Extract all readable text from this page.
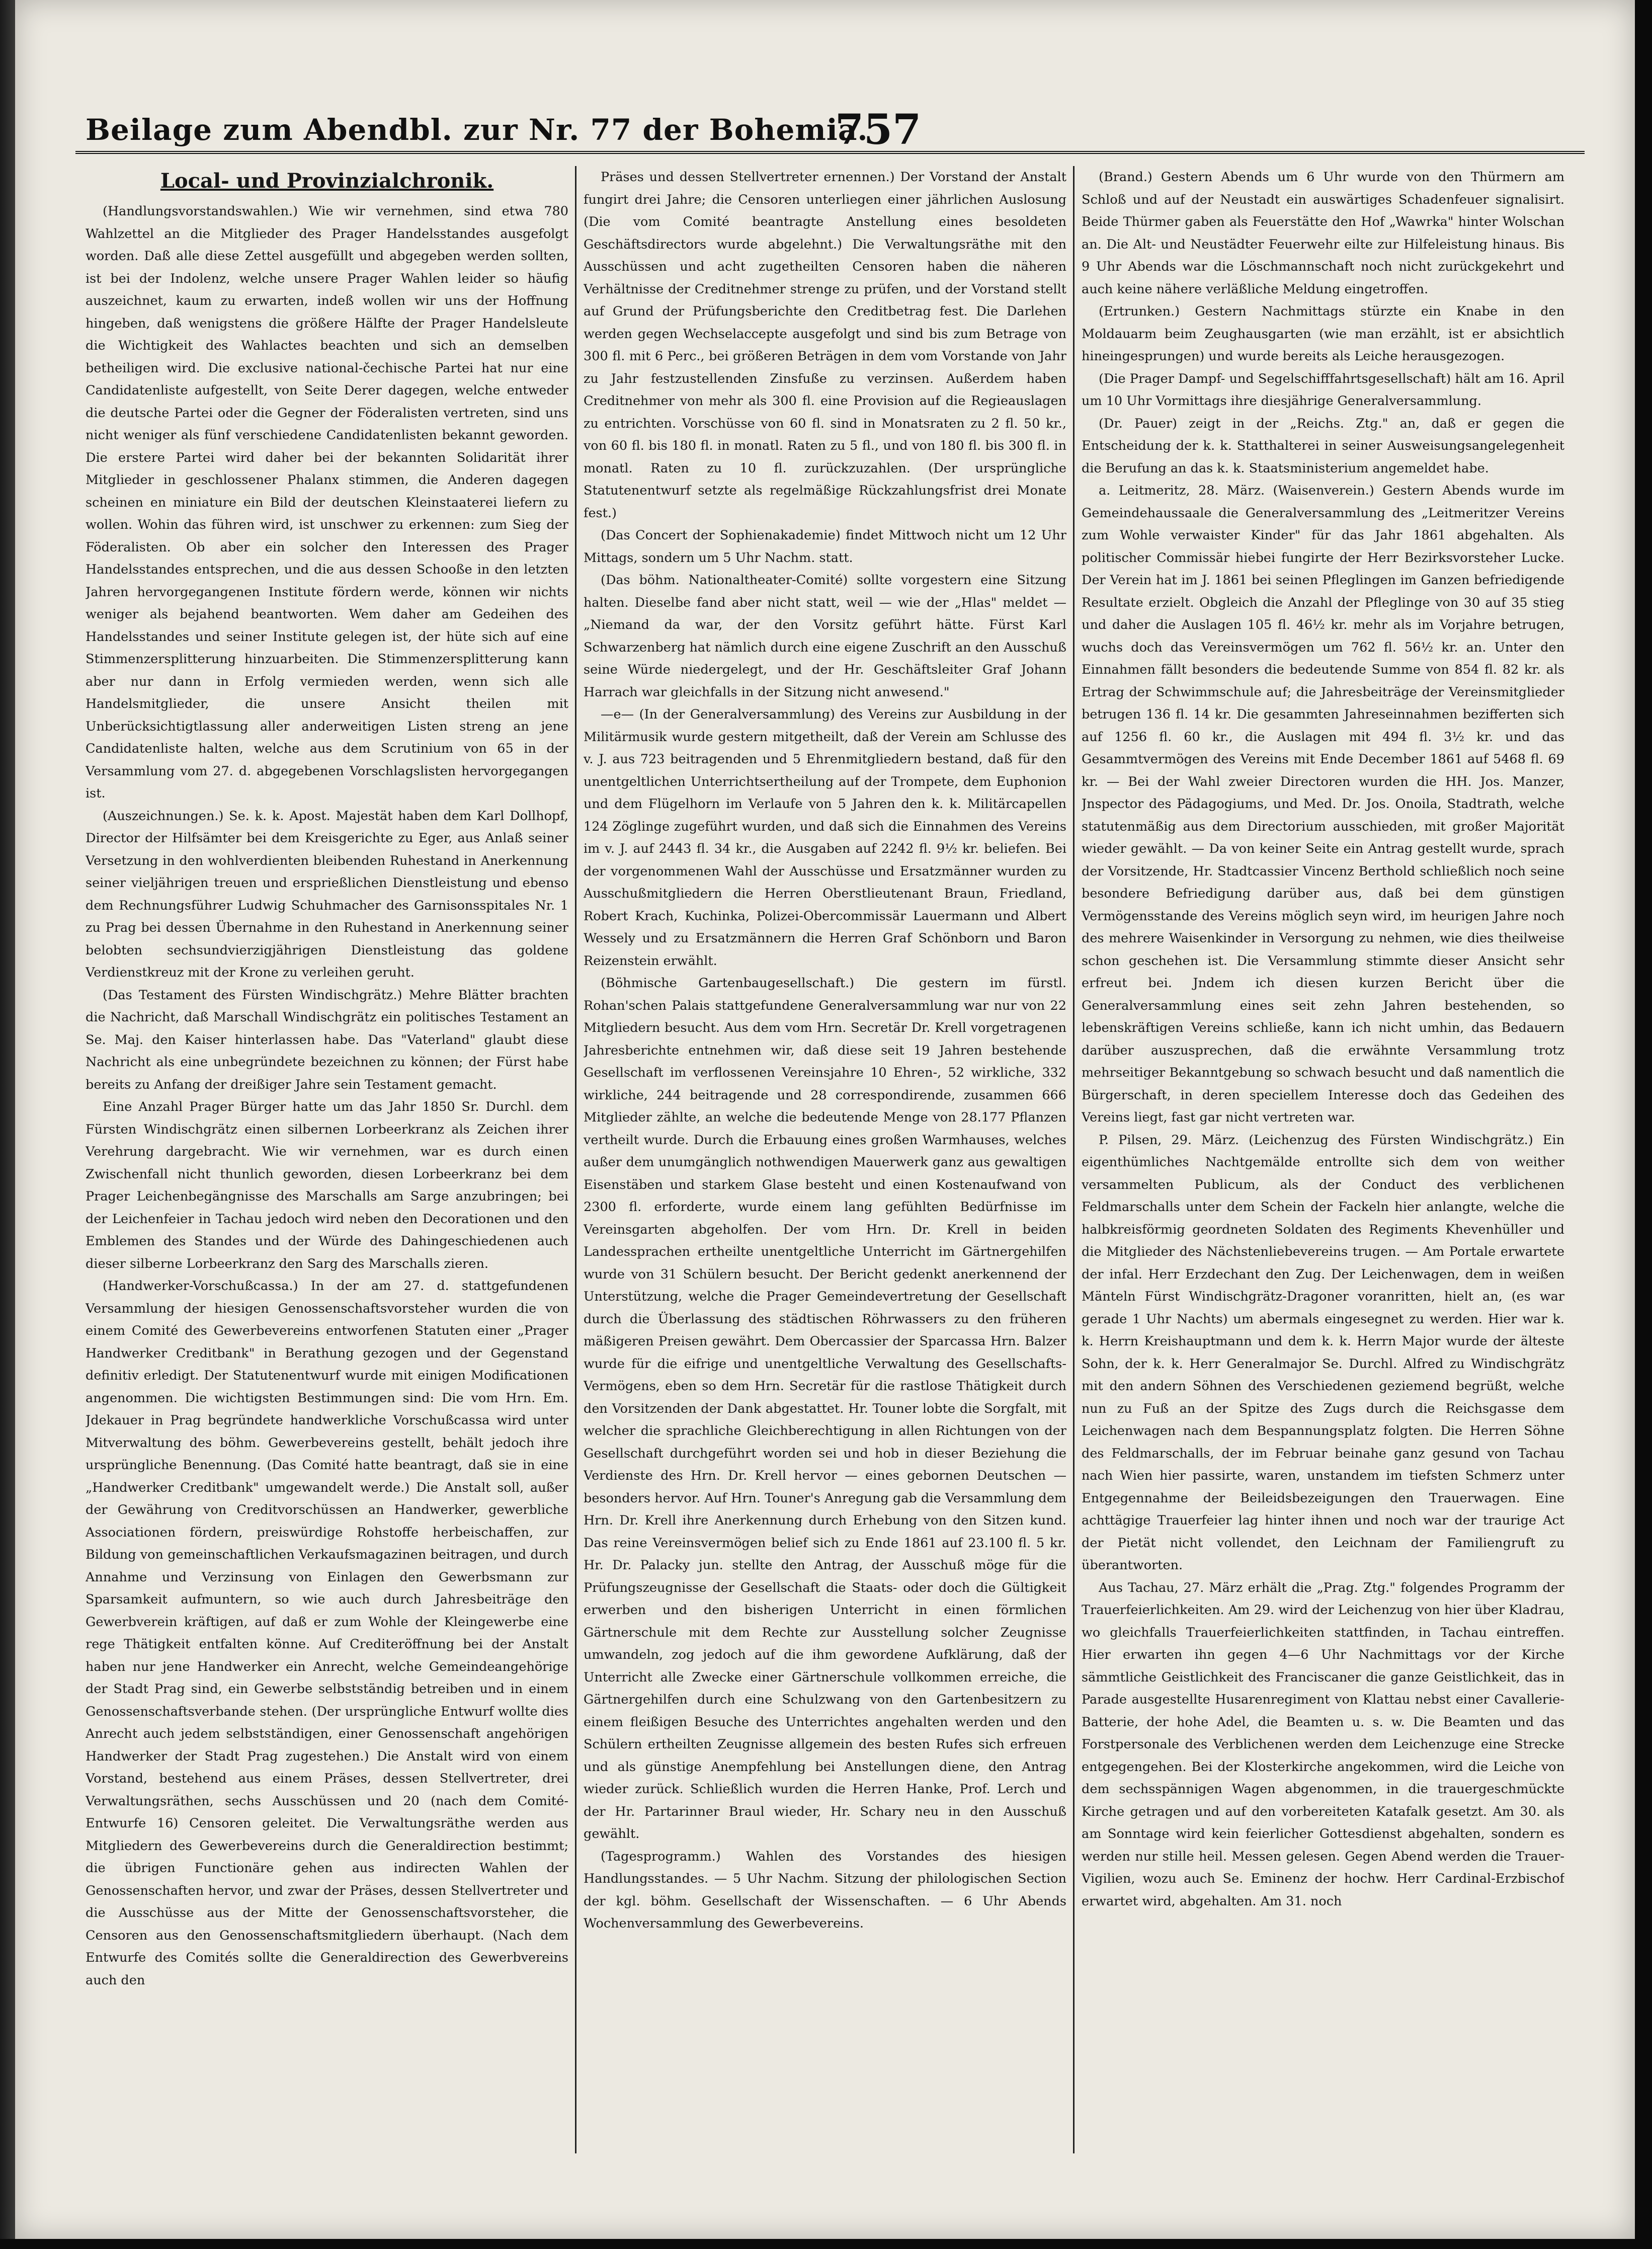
Beilage zum Abendbl. zur Nr. 77 der Bohemia.
757
Local- und Provinzialchronik.

(Handlungsvorstandswahlen.) Wie wir vernehmen, sind etwa 780 Wahlzettel an die Mitglieder des Prager Handelsstandes ausgefolgt worden. Daß alle diese Zettel ausgefüllt und abgegeben werden sollten, ist bei der Indolenz, welche unsere Prager Wahlen leider so häufig auszeichnet, kaum zu erwarten, indeß wollen wir uns der Hoffnung hingeben, daß wenigstens die größere Hälfte der Prager Handelsleute die Wichtigkeit des Wahlactes beachten und sich an demselben betheiligen wird. Die exclusive national-čechische Partei hat nur eine Candidatenliste aufgestellt, von Seite Derer dagegen, welche entweder die deutsche Partei oder die Gegner der Föderalisten vertreten, sind uns nicht weniger als fünf verschiedene Candidatenlisten bekannt geworden. Die erstere Partei wird daher bei der bekannten Solidarität ihrer Mitglieder in geschlossener Phalanx stimmen, die Anderen dagegen scheinen en miniature ein Bild der deutschen Kleinstaaterei liefern zu wollen. Wohin das führen wird, ist unschwer zu erkennen: zum Sieg der Föderalisten. Ob aber ein solcher den Interessen des Prager Handelsstandes entsprechen, und die aus dessen Schooße in den letzten Jahren hervorgegangenen Institute fördern werde, können wir nichts weniger als bejahend beantworten. Wem daher am Gedeihen des Handelsstandes und seiner Institute gelegen ist, der hüte sich auf eine Stimmenzersplitterung hinzuarbeiten. Die Stimmenzersplitterung kann aber nur dann in Erfolg vermieden werden, wenn sich alle Handelsmitglieder, die unsere Ansicht theilen mit Unberücksichtigtlassung aller anderweitigen Listen streng an jene Candidatenliste halten, welche aus dem Scrutinium von 65 in der Versammlung vom 27. d. abgegebenen Vorschlagslisten hervorgegangen ist.

(Auszeichnungen.) Se. k. k. Apost. Majestät haben dem Karl Dollhopf, Director der Hilfsämter bei dem Kreisgerichte zu Eger, aus Anlaß seiner Versetzung in den wohlverdienten bleibenden Ruhestand in Anerkennung seiner vieljährigen treuen und ersprießlichen Dienstleistung und ebenso dem Rechnungsführer Ludwig Schuhmacher des Garnisonsspitales Nr. 1 zu Prag bei dessen Übernahme in den Ruhestand in Anerkennung seiner belobten sechsundvierzigjährigen Dienstleistung das goldene Verdienstkreuz mit der Krone zu verleihen geruht.

(Das Testament des Fürsten Windischgrätz.) Mehre Blätter brachten die Nachricht, daß Marschall Windischgrätz ein politisches Testament an Se. Maj. den Kaiser hinterlassen habe. Das "Vaterland" glaubt diese Nachricht als eine unbegründete bezeichnen zu können; der Fürst habe bereits zu Anfang der dreißiger Jahre sein Testament gemacht.

Eine Anzahl Prager Bürger hatte um das Jahr 1850 Sr. Durchl. dem Fürsten Windischgrätz einen silbernen Lorbeerkranz als Zeichen ihrer Verehrung dargebracht. Wie wir vernehmen, war es durch einen Zwischenfall nicht thunlich geworden, diesen Lorbeerkranz bei dem Prager Leichenbegängnisse des Marschalls am Sarge anzubringen; bei der Leichenfeier in Tachau jedoch wird neben den Decorationen und den Emblemen des Standes und der Würde des Dahingeschiedenen auch dieser silberne Lorbeerkranz den Sarg des Marschalls zieren.

(Handwerker-Vorschußcassa.) In der am 27. d. stattgefundenen Versammlung der hiesigen Genossenschaftsvorsteher wurden die von einem Comité des Gewerbevereins entworfenen Statuten einer „Prager Handwerker Creditbank" in Berathung gezogen und der Gegenstand definitiv erledigt. Der Statutenentwurf wurde mit einigen Modificationen angenommen. Die wichtigsten Bestimmungen sind: Die vom Hrn. Em. Jdekauer in Prag begründete handwerkliche Vorschußcassa wird unter Mitverwaltung des böhm. Gewerbevereins gestellt, behält jedoch ihre ursprüngliche Benennung. (Das Comité hatte beantragt, daß sie in eine „Handwerker Creditbank" umgewandelt werde.) Die Anstalt soll, außer der Gewährung von Creditvorschüssen an Handwerker, gewerbliche Associationen fördern, preiswürdige Rohstoffe herbeischaffen, zur Bildung von gemeinschaftlichen Verkaufsmagazinen beitragen, und durch Annahme und Verzinsung von Einlagen den Gewerbsmann zur Sparsamkeit aufmuntern, so wie auch durch Jahresbeiträge den Gewerbverein kräftigen, auf daß er zum Wohle der Kleingewerbe eine rege Thätigkeit entfalten könne. Auf Crediteröffnung bei der Anstalt haben nur jene Handwerker ein Anrecht, welche Gemeindeangehörige der Stadt Prag sind, ein Gewerbe selbstständig betreiben und in einem Genossenschaftsverbande stehen. (Der ursprüngliche Entwurf wollte dies Anrecht auch jedem selbstständigen, einer Genossenschaft angehörigen Handwerker der Stadt Prag zugestehen.) Die Anstalt wird von einem Vorstand, bestehend aus einem Präses, dessen Stellvertreter, drei Verwaltungsräthen, sechs Ausschüssen und 20 (nach dem Comité-Entwurfe 16) Censoren geleitet. Die Verwaltungsräthe werden aus Mitgliedern des Gewerbevereins durch die Generaldirection bestimmt; die übrigen Functionäre gehen aus indirecten Wahlen der Genossenschaften hervor, und zwar der Präses, dessen Stellvertreter und die Ausschüsse aus der Mitte der Genossenschaftsvorsteher, die Censoren aus den Genossenschaftsmitgliedern überhaupt. (Nach dem Entwurfe des Comités sollte die Generaldirection des Gewerbvereins auch den

Präses und dessen Stellvertreter ernennen.) Der Vorstand der Anstalt fungirt drei Jahre; die Censoren unterliegen einer jährlichen Auslosung (Die vom Comité beantragte Anstellung eines besoldeten Geschäftsdirectors wurde abgelehnt.) Die Verwaltungsräthe mit den Ausschüssen und acht zugetheilten Censoren haben die näheren Verhältnisse der Creditnehmer strenge zu prüfen, und der Vorstand stellt auf Grund der Prüfungsberichte den Creditbetrag fest. Die Darlehen werden gegen Wechselaccepte ausgefolgt und sind bis zum Betrage von 300 fl. mit 6 Perc., bei größeren Beträgen in dem vom Vorstande von Jahr zu Jahr festzustellenden Zinsfuße zu verzinsen. Außerdem haben Creditnehmer von mehr als 300 fl. eine Provision auf die Regieauslagen zu entrichten. Vorschüsse von 60 fl. sind in Monatsraten zu 2 fl. 50 kr., von 60 fl. bis 180 fl. in monatl. Raten zu 5 fl., und von 180 fl. bis 300 fl. in monatl. Raten zu 10 fl. zurückzuzahlen. (Der ursprüngliche Statutenentwurf setzte als regelmäßige Rückzahlungsfrist drei Monate fest.)

(Das Concert der Sophienakademie) findet Mittwoch nicht um 12 Uhr Mittags, sondern um 5 Uhr Nachm. statt.

(Das böhm. Nationaltheater-Comité) sollte vorgestern eine Sitzung halten. Dieselbe fand aber nicht statt, weil — wie der „Hlas" meldet — „Niemand da war, der den Vorsitz geführt hätte. Fürst Karl Schwarzenberg hat nämlich durch eine eigene Zuschrift an den Ausschuß seine Würde niedergelegt, und der Hr. Geschäftsleiter Graf Johann Harrach war gleichfalls in der Sitzung nicht anwesend."

—e— (In der Generalversammlung) des Vereins zur Ausbildung in der Militärmusik wurde gestern mitgetheilt, daß der Verein am Schlusse des v. J. aus 723 beitragenden und 5 Ehrenmitgliedern bestand, daß für den unentgeltlichen Unterrichtsertheilung auf der Trompete, dem Euphonion und dem Flügelhorn im Verlaufe von 5 Jahren den k. k. Militärcapellen 124 Zöglinge zugeführt wurden, und daß sich die Einnahmen des Vereins im v. J. auf 2443 fl. 34 kr., die Ausgaben auf 2242 fl. 9½ kr. beliefen. Bei der vorgenommenen Wahl der Ausschüsse und Ersatzmänner wurden zu Ausschußmitgliedern die Herren Oberstlieutenant Braun, Friedland, Robert Krach, Kuchinka, Polizei-Obercommissär Lauermann und Albert Wessely und zu Ersatzmännern die Herren Graf Schönborn und Baron Reizenstein erwählt.

(Böhmische Gartenbaugesellschaft.) Die gestern im fürstl. Rohan'schen Palais stattgefundene Generalversammlung war nur von 22 Mitgliedern besucht. Aus dem vom Hrn. Secretär Dr. Krell vorgetragenen Jahresberichte entnehmen wir, daß diese seit 19 Jahren bestehende Gesellschaft im verflossenen Vereinsjahre 10 Ehren-, 52 wirkliche, 332 wirkliche, 244 beitragende und 28 correspondirende, zusammen 666 Mitglieder zählte, an welche die bedeutende Menge von 28.177 Pflanzen vertheilt wurde. Durch die Erbauung eines großen Warmhauses, welches außer dem unumgänglich nothwendigen Mauerwerk ganz aus gewaltigen Eisenstäben und starkem Glase besteht und einen Kostenaufwand von 2300 fl. erforderte, wurde einem lang gefühlten Bedürfnisse im Vereinsgarten abgeholfen. Der vom Hrn. Dr. Krell in beiden Landessprachen ertheilte unentgeltliche Unterricht im Gärtnergehilfen wurde von 31 Schülern besucht. Der Bericht gedenkt anerkennend der Unterstützung, welche die Prager Gemeindevertretung der Gesellschaft durch die Überlassung des städtischen Röhrwassers zu den früheren mäßigeren Preisen gewährt. Dem Obercassier der Sparcassa Hrn. Balzer wurde für die eifrige und unentgeltliche Verwaltung des Gesellschafts-Vermögens, eben so dem Hrn. Secretär für die rastlose Thätigkeit durch den Vorsitzenden der Dank abgestattet. Hr. Touner lobte die Sorgfalt, mit welcher die sprachliche Gleichberechtigung in allen Richtungen von der Gesellschaft durchgeführt worden sei und hob in dieser Beziehung die Verdienste des Hrn. Dr. Krell hervor — eines gebornen Deutschen — besonders hervor. Auf Hrn. Touner's Anregung gab die Versammlung dem Hrn. Dr. Krell ihre Anerkennung durch Erhebung von den Sitzen kund. Das reine Vereinsvermögen belief sich zu Ende 1861 auf 23.100 fl. 5 kr. Hr. Dr. Palacky jun. stellte den Antrag, der Ausschuß möge für die Prüfungszeugnisse der Gesellschaft die Staats- oder doch die Gültigkeit erwerben und den bisherigen Unterricht in einen förmlichen Gärtnerschule mit dem Rechte zur Ausstellung solcher Zeugnisse umwandeln, zog jedoch auf die ihm gewordene Aufklärung, daß der Unterricht alle Zwecke einer Gärtnerschule vollkommen erreiche, die Gärtnergehilfen durch eine Schulzwang von den Gartenbesitzern zu einem fleißigen Besuche des Unterrichtes angehalten werden und den Schülern ertheilten Zeugnisse allgemein des besten Rufes sich erfreuen und als günstige Anempfehlung bei Anstellungen diene, den Antrag wieder zurück. Schließlich wurden die Herren Hanke, Prof. Lerch und der Hr. Partarinner Braul wieder, Hr. Schary neu in den Ausschuß gewählt.

(Tagesprogramm.) Wahlen des Vorstandes des hiesigen Handlungsstandes. — 5 Uhr Nachm. Sitzung der philologischen Section der kgl. böhm. Gesellschaft der Wissenschaften. — 6 Uhr Abends Wochenversammlung des Gewerbevereins.

(Brand.) Gestern Abends um 6 Uhr wurde von den Thürmern am Schloß und auf der Neustadt ein auswärtiges Schadenfeuer signalisirt. Beide Thürmer gaben als Feuerstätte den Hof „Wawrka" hinter Wolschan an. Die Alt- und Neustädter Feuerwehr eilte zur Hilfeleistung hinaus. Bis 9 Uhr Abends war die Löschmannschaft noch nicht zurückgekehrt und auch keine nähere verläßliche Meldung eingetroffen.

(Ertrunken.) Gestern Nachmittags stürzte ein Knabe in den Moldauarm beim Zeughausgarten (wie man erzählt, ist er absichtlich hineingesprungen) und wurde bereits als Leiche herausgezogen.

(Die Prager Dampf- und Segelschifffahrtsgesellschaft) hält am 16. April um 10 Uhr Vormittags ihre diesjährige Generalversammlung.

(Dr. Pauer) zeigt in der „Reichs. Ztg." an, daß er gegen die Entscheidung der k. k. Statthalterei in seiner Ausweisungsangelegenheit die Berufung an das k. k. Staatsministerium angemeldet habe.

a. Leitmeritz, 28. März. (Waisenverein.) Gestern Abends wurde im Gemeindehaussaale die Generalversammlung des „Leitmeritzer Vereins zum Wohle verwaister Kinder" für das Jahr 1861 abgehalten. Als politischer Commissär hiebei fungirte der Herr Bezirksvorsteher Lucke. Der Verein hat im J. 1861 bei seinen Pfleglingen im Ganzen befriedigende Resultate erzielt. Obgleich die Anzahl der Pfleglinge von 30 auf 35 stieg und daher die Auslagen 105 fl. 46½ kr. mehr als im Vorjahre betrugen, wuchs doch das Vereinsvermögen um 762 fl. 56½ kr. an. Unter den Einnahmen fällt besonders die bedeutende Summe von 854 fl. 82 kr. als Ertrag der Schwimmschule auf; die Jahresbeiträge der Vereinsmitglieder betrugen 136 fl. 14 kr. Die gesammten Jahreseinnahmen bezifferten sich auf 1256 fl. 60 kr., die Auslagen mit 494 fl. 3½ kr. und das Gesammtvermögen des Vereins mit Ende December 1861 auf 5468 fl. 69 kr. — Bei der Wahl zweier Directoren wurden die HH. Jos. Manzer, Jnspector des Pädagogiums, und Med. Dr. Jos. Onoila, Stadtrath, welche statutenmäßig aus dem Directorium ausschieden, mit großer Majorität wieder gewählt. — Da von keiner Seite ein Antrag gestellt wurde, sprach der Vorsitzende, Hr. Stadtcassier Vincenz Berthold schließlich noch seine besondere Befriedigung darüber aus, daß bei dem günstigen Vermögensstande des Vereins möglich seyn wird, im heurigen Jahre noch des mehrere Waisenkinder in Versorgung zu nehmen, wie dies theilweise schon geschehen ist. Die Versammlung stimmte dieser Ansicht sehr erfreut bei. Jndem ich diesen kurzen Bericht über die Generalversammlung eines seit zehn Jahren bestehenden, so lebenskräftigen Vereins schließe, kann ich nicht umhin, das Bedauern darüber auszusprechen, daß die erwähnte Versammlung trotz mehrseitiger Bekanntgebung so schwach besucht und daß namentlich die Bürgerschaft, in deren speciellem Interesse doch das Gedeihen des Vereins liegt, fast gar nicht vertreten war.

P. Pilsen, 29. März. (Leichenzug des Fürsten Windischgrätz.) Ein eigenthümliches Nachtgemälde entrollte sich dem von weither versammelten Publicum, als der Conduct des verblichenen Feldmarschalls unter dem Schein der Fackeln hier anlangte, welche die halbkreisförmig geordneten Soldaten des Regiments Khevenhüller und die Mitglieder des Nächstenliebevereins trugen. — Am Portale erwartete der infal. Herr Erzdechant den Zug. Der Leichenwagen, dem in weißen Mänteln Fürst Windischgrätz-Dragoner voranritten, hielt an, (es war gerade 1 Uhr Nachts) um abermals eingesegnet zu werden. Hier war k. k. Herrn Kreishauptmann und dem k. k. Herrn Major wurde der älteste Sohn, der k. k. Herr Generalmajor Se. Durchl. Alfred zu Windischgrätz mit den andern Söhnen des Verschiedenen geziemend begrüßt, welche nun zu Fuß an der Spitze des Zugs durch die Reichsgasse dem Leichenwagen nach dem Bespannungsplatz folgten. Die Herren Söhne des Feldmarschalls, der im Februar beinahe ganz gesund von Tachau nach Wien hier passirte, waren, unstandem im tiefsten Schmerz unter Entgegennahme der Beileidsbezeigungen den Trauerwagen. Eine achttägige Trauerfeier lag hinter ihnen und noch war der traurige Act der Pietät nicht vollendet, den Leichnam der Familiengruft zu überantworten.

Aus Tachau, 27. März erhält die „Prag. Ztg." folgendes Programm der Trauerfeierlichkeiten. Am 29. wird der Leichenzug von hier über Kladrau, wo gleichfalls Trauerfeierlichkeiten stattfinden, in Tachau eintreffen. Hier erwarten ihn gegen 4—6 Uhr Nachmittags vor der Kirche sämmtliche Geistlichkeit des Franciscaner die ganze Geistlichkeit, das in Parade ausgestellte Husarenregiment von Klattau nebst einer Cavallerie-Batterie, der hohe Adel, die Beamten u. s. w. Die Beamten und das Forstpersonale des Verblichenen werden dem Leichenzuge eine Strecke entgegengehen. Bei der Klosterkirche angekommen, wird die Leiche von dem sechsspännigen Wagen abgenommen, in die trauergeschmückte Kirche getragen und auf den vorbereiteten Katafalk gesetzt. Am 30. als am Sonntage wird kein feierlicher Gottesdienst abgehalten, sondern es werden nur stille heil. Messen gelesen. Gegen Abend werden die Trauer-Vigilien, wozu auch Se. Eminenz der hochw. Herr Cardinal-Erzbischof erwartet wird, abgehalten. Am 31. noch
